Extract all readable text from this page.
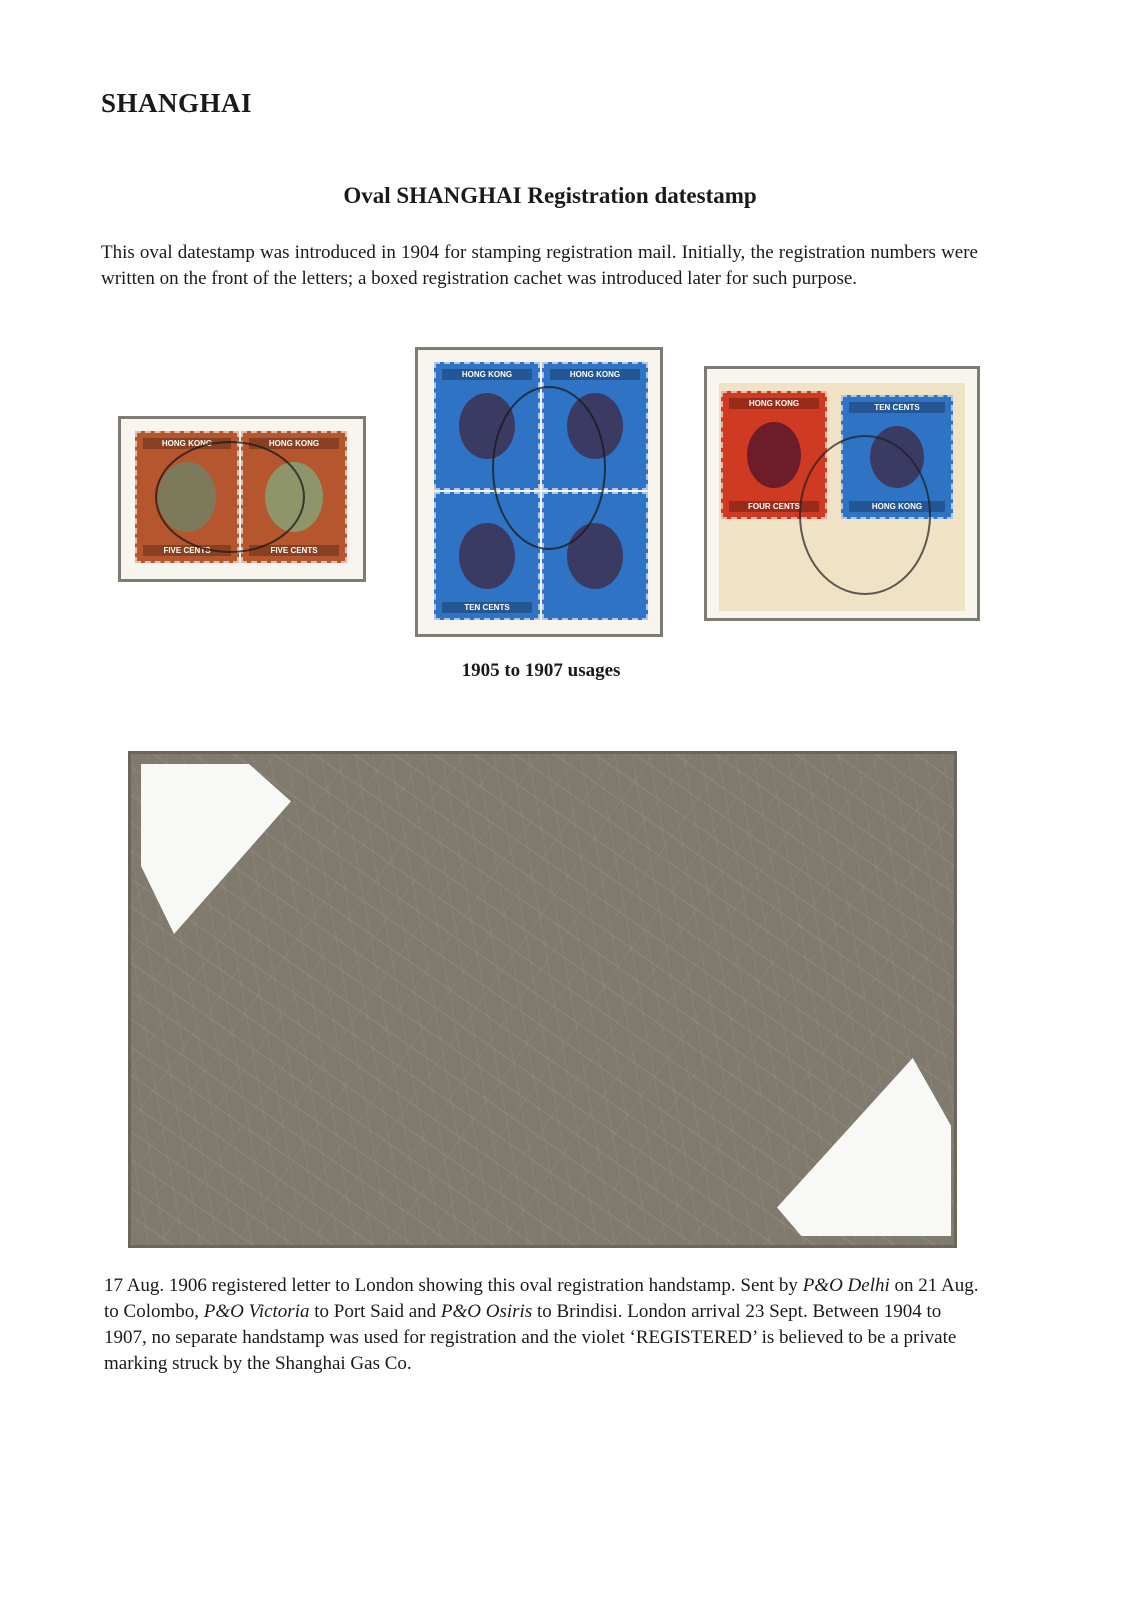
SHANGHAI
Oval SHANGHAI Registration datestamp
This oval datestamp was introduced in 1904 for stamping registration mail. Initially, the registration numbers were written on the front of the letters; a boxed registration cachet was introduced later for such purpose.
HONG KONG
FIVE CENTS
HONG KONG
FIVE CENTS
HONG KONG	HONG KONG
TEN CENTS
HONG KONG
FOUR CENTS
TEN CENTS
HONG KONG
1905 to 1907 usages
17 Aug. 1906 registered letter to London showing this oval registration handstamp. Sent by P&O Delhi on 21 Aug. to Colombo, P&O Victoria to Port Said and P&O Osiris to Brindisi. London arrival 23 Sept. Between 1904 to 1907, no separate handstamp was used for registration and the violet ‘REGISTERED’ is believed to be a private marking struck by the Shanghai Gas Co.
